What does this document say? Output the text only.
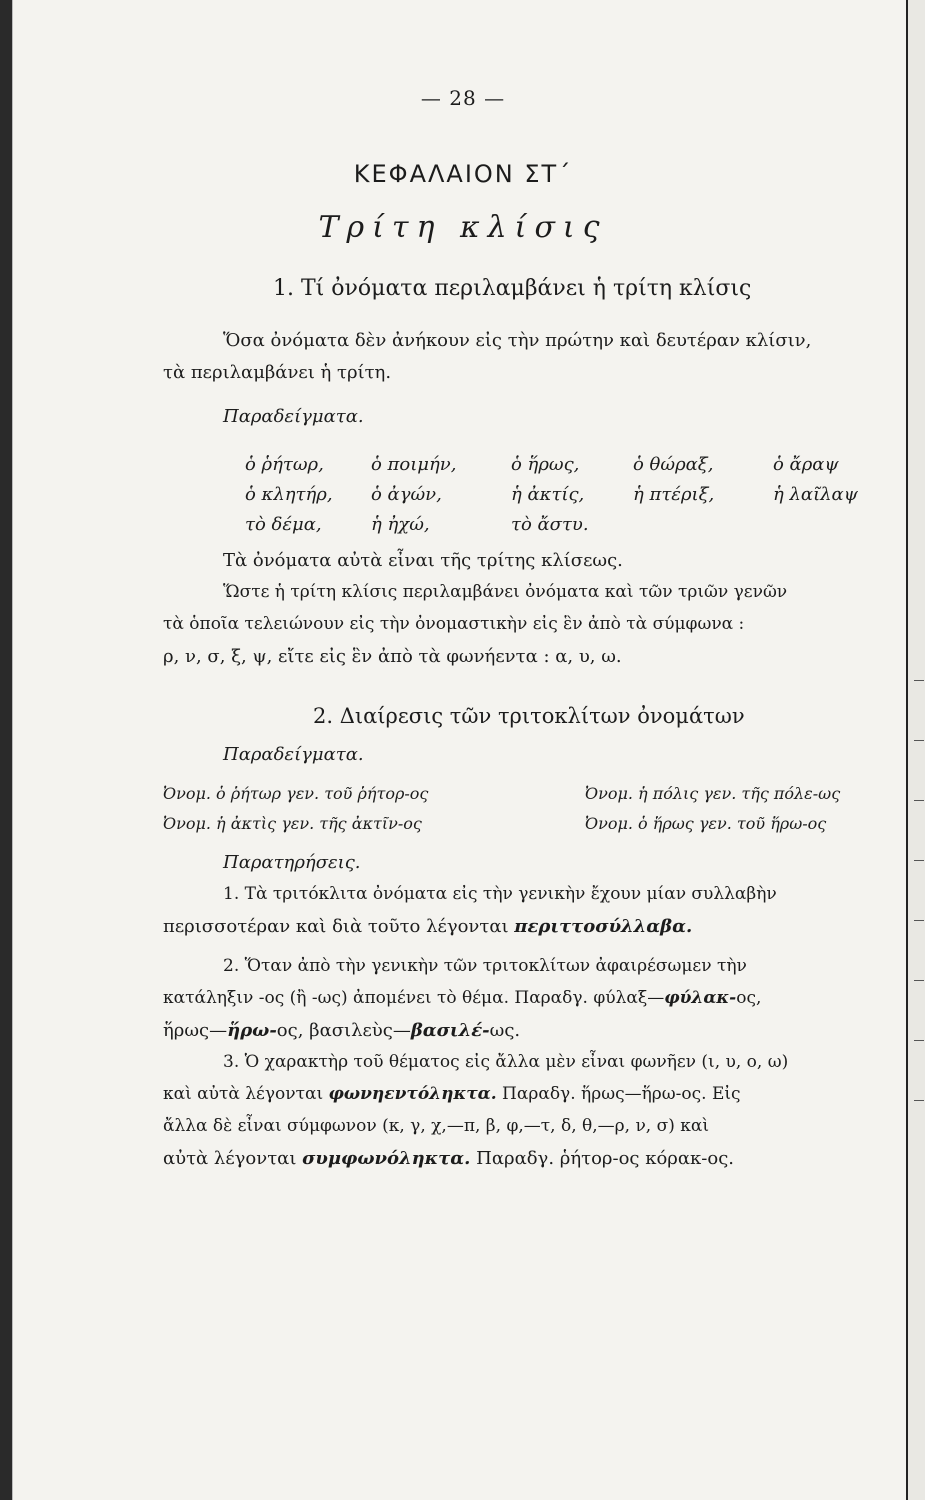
— 28 —
ΚΕΦΑΛΑΙΟΝ ΣΤ΄
Τρίτη κλίσις
1. Τί ὀνόματα περιλαμβάνει ἡ τρίτη κλίσις
Ὅσα ὀνόματα δὲν ἀνήκουν εἰς τὴν πρώτην καὶ δευτέραν κλίσιν,
τὰ περιλαμβάνει ἡ τρίτη.
Παραδείγματα.
ὁ ῥήτωρ,	ὁ ποιμήν,	ὁ ἥρως,	ὁ θώραξ,	ὁ ἄραψ
ὁ κλητήρ, ὁ ἀγών,	ἡ ἀκτίς,	ἡ πτέριξ,	ἡ λαῖλαψ
τὸ δέμα,	ἡ ἠχώ,	τὸ ἄστυ.
Τὰ ὀνόματα αὐτὰ εἶναι τῆς τρίτης κλίσεως.
Ὥστε ἡ τρίτη κλίσις περιλαμβάνει ὀνόματα καὶ τῶν τριῶν γενῶν
τὰ ὁποῖα τελειώνουν εἰς τὴν ὀνομαστικὴν εἰς ἓν ἀπὸ τὰ σύμφωνα :
ρ, ν, σ, ξ, ψ, εἴτε εἰς ἓν ἀπὸ τὰ φωνήεντα : α, υ, ω.
2. Διαίρεσις τῶν τριτοκλίτων ὀνομάτων
Παραδείγματα.
Ὀνομ. ὁ ῥήτωρ γεν. τοῦ ῥήτορ-ος	Ὀνομ. ἡ πόλις γεν. τῆς πόλε-ως
Ὀνομ. ἡ ἀκτὶς γεν. τῆς ἀκτῖν-ος	Ὀνομ. ὁ ἥρως γεν. τοῦ ἥρω-ος
Παρατηρήσεις.
1. Τὰ τριτόκλιτα ὀνόματα εἰς τὴν γενικὴν ἔχουν μίαν συλλαβὴν
περισσοτέραν καὶ διὰ τοῦτο λέγονται περιττοσύλλαβα.
2. Ὅταν ἀπὸ τὴν γενικὴν τῶν τριτοκλίτων ἀφαιρέσωμεν τὴν
κατάληξιν -ος (ἢ -ως) ἀπομένει τὸ θέμα. Παραδγ. φύλαξ—φύλακ-ος,
ἥρως—ἥρω-ος, βασιλεὺς—βασιλέ-ως.
3. Ὁ χαρακτὴρ τοῦ θέματος εἰς ἄλλα μὲν εἶναι φωνῆεν (ι, υ, ο, ω)
καὶ αὐτὰ λέγονται φωνηεντόληκτα. Παραδγ. ἥρως—ἥρω-ος. Εἰς
ἄλλα δὲ εἶναι σύμφωνον (κ, γ, χ,—π, β, φ,—τ, δ, θ,—ρ, ν, σ) καὶ
αὐτὰ λέγονται συμφωνόληκτα. Παραδγ. ῥήτορ-ος κόρακ-ος.
